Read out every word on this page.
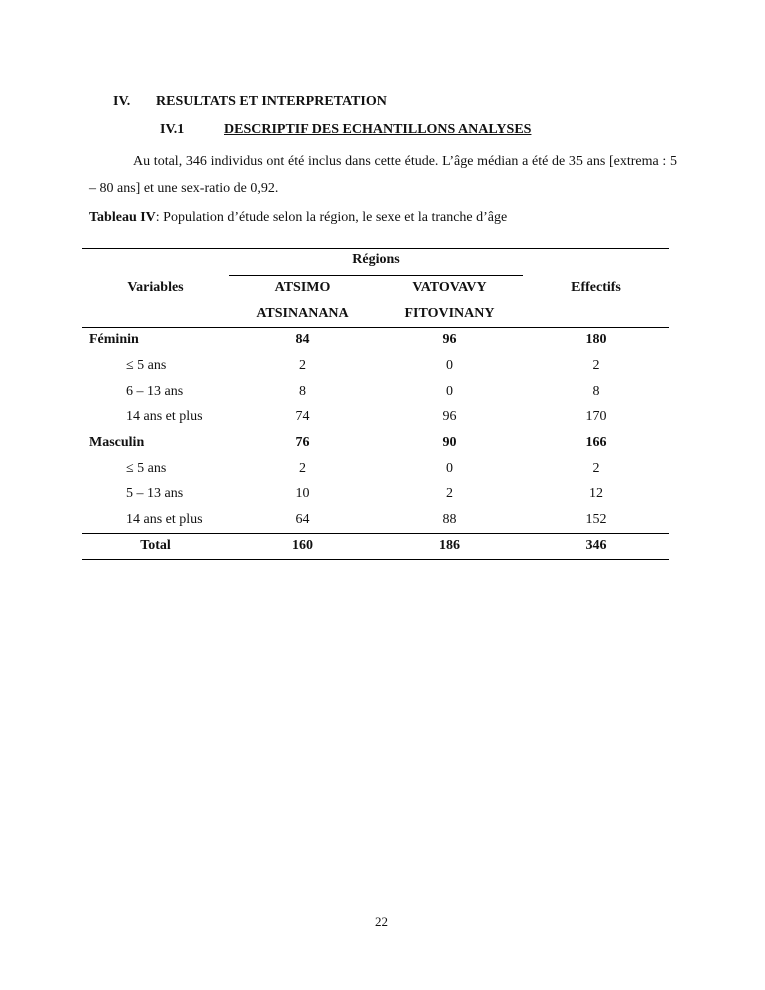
IV. RESULTATS ET INTERPRETATION
IV.1	DESCRIPTIF DES ECHANTILLONS ANALYSES
Au total, 346 individus ont été inclus dans cette étude. L’âge médian a été de 35 ans [extrema : 5 – 80 ans] et une sex-ratio de 0,92.
Tableau IV: Population d’étude selon la région, le sexe et la tranche d’âge

Variables	Régions		Effectifs
	ATSIMO	VATOVAVY	
	ATSINANANA	FITOVINANY	

Féminin	84	96	180
≤ 5 ans	2	0	2
6 – 13 ans	8	0	8
14 ans et plus	74	96	170
Masculin	76	90	166
≤ 5 ans	2	0	2
5 – 13 ans	10	2	12
14 ans et plus	64	88	152

Total	160	186	346

22
